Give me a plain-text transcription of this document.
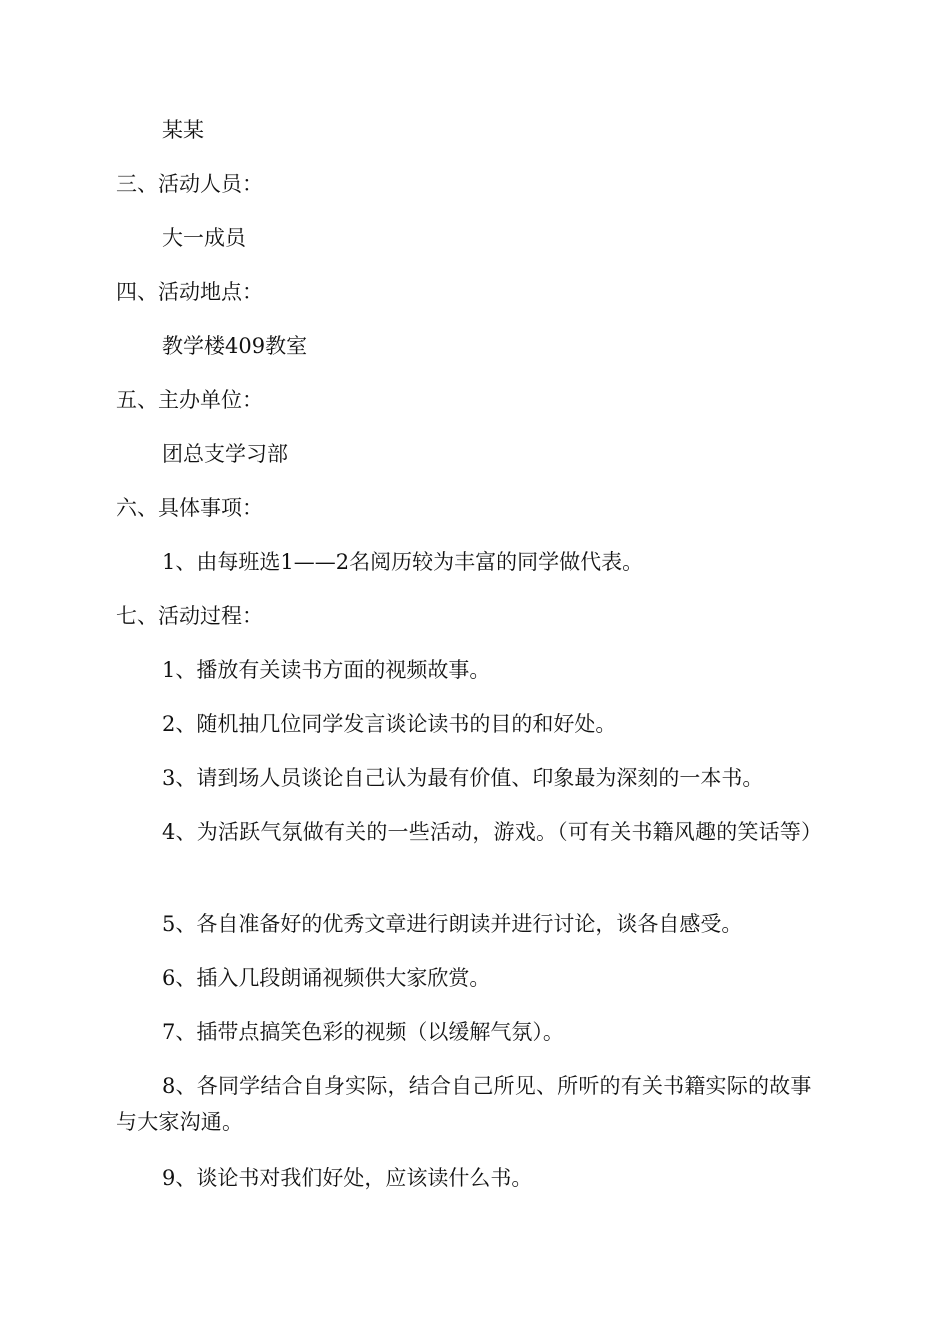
某某
三、活动人员：
大一成员
四、活动地点：
教学楼409教室
五、主办单位：
团总支学习部
六、具体事项：
1、由每班选1——2名阅历较为丰富的同学做代表。
七、活动过程：
1、播放有关读书方面的视频故事。
2、随机抽几位同学发言谈论读书的目的和好处。
3、请到场人员谈论自己认为最有价值、印象最为深刻的一本书。
4、为活跃气氛做有关的一些活动，游戏。（可有关书籍风趣的笑话等）
5、各自准备好的优秀文章进行朗读并进行讨论，谈各自感受。
6、插入几段朗诵视频供大家欣赏。
7、插带点搞笑色彩的视频（以缓解气氛）。
8、各同学结合自身实际，结合自己所见、所听的有关书籍实际的故事与大家沟通。
9、谈论书对我们好处，应该读什么书。
